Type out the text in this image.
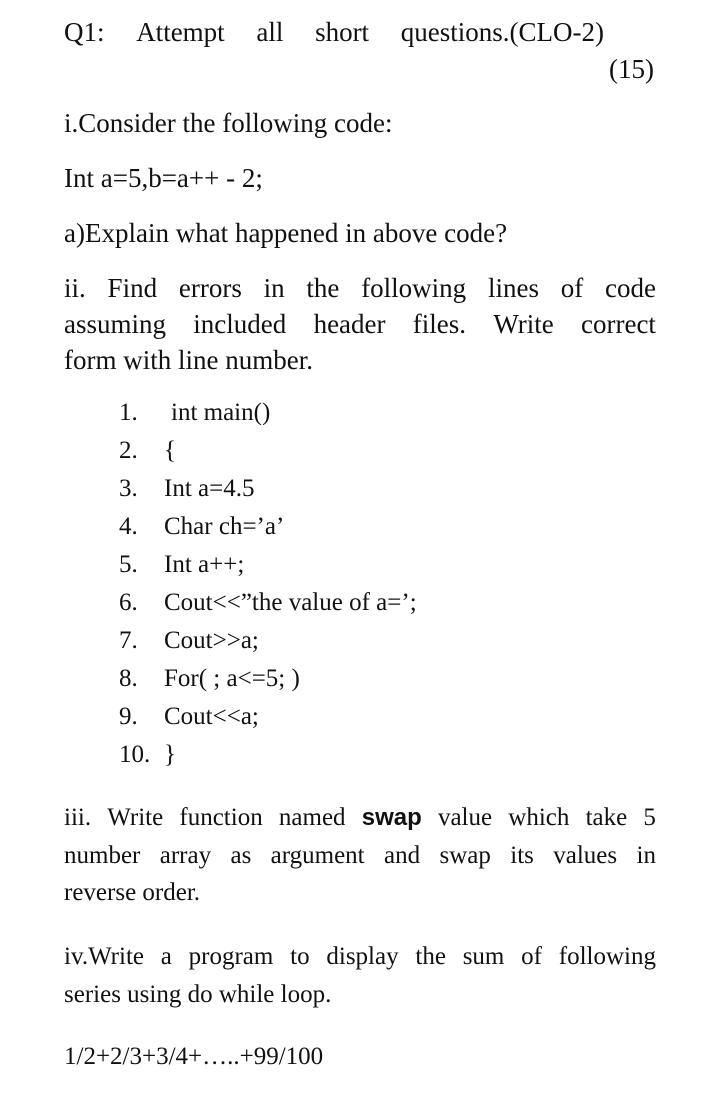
Q1: Attempt all short questions.(CLO-2)
(15)
i.Consider the following code:
Int a=5,b=a++ - 2;
a)Explain what happened in above code?
ii. Find errors in the following lines of code
assuming included header files. Write correct
form with line number.
1. int main()
2. {
3. Int a=4.5
4. Char ch=’a’
5. Int a++;
6. Cout<<”the value of a=’;
7. Cout>>a;
8. For( ; a<=5; )
9. Cout<<a;
10. }
iii. Write function named swap value which take 5
number array as argument and swap its values in
reverse order.
iv.Write a program to display the sum of following
series using do while loop.
1/2+2/3+3/4+…..+99/100
